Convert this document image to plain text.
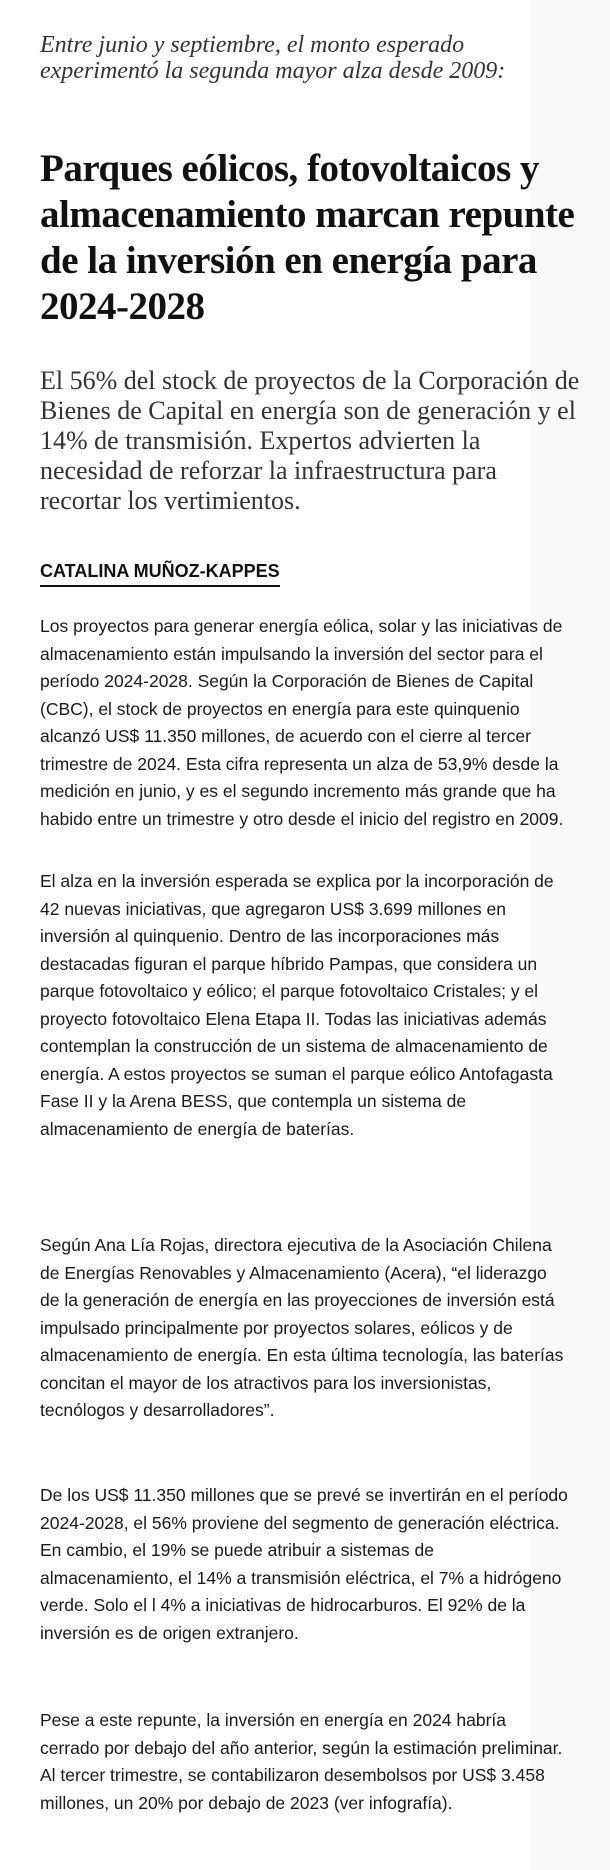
Entre junio y septiembre, el monto esperado experimentó la segunda mayor alza desde 2009:

Parques eólicos, fotovoltaicos y almacenamiento marcan repunte de la inversión en energía para 2024-2028

El 56% del stock de proyectos de la Corporación de Bienes de Capital en energía son de generación y el 14% de transmisión. Expertos advierten la necesidad de reforzar la infraestructura para recortar los vertimientos.

CATALINA MUÑOZ-KAPPES

Los proyectos para generar energía eólica, solar y las iniciativas de almacenamiento están impulsando la inversión del sector para el período 2024-2028. Según la Corporación de Bienes de Capital (CBC), el stock de proyectos en energía para este quinquenio alcanzó US$ 11.350 millones, de acuerdo con el cierre al tercer trimestre de 2024. Esta cifra representa un alza de 53,9% desde la medición en junio, y es el segundo incremento más grande que ha habido entre un trimestre y otro desde el inicio del registro en 2009.

El alza en la inversión esperada se explica por la incorporación de 42 nuevas iniciativas, que agregaron US$ 3.699 millones en inversión al quinquenio. Dentro de las incorporaciones más destacadas figuran el parque híbrido Pampas, que considera un parque fotovoltaico y eólico; el parque fotovoltaico Cristales; y el proyecto fotovoltaico Elena Etapa II. Todas las iniciativas además contemplan la construcción de un sistema de almacenamiento de energía. A estos proyectos se suman el parque eólico Antofagasta Fase II y la Arena BESS, que contempla un sistema de almacenamiento de energía de baterías.

Según Ana Lía Rojas, directora ejecutiva de la Asociación Chilena de Energías Renovables y Almacenamiento (Acera), “el liderazgo de la generación de energía en las proyecciones de inversión está impulsado principalmente por proyectos solares, eólicos y de almacenamiento de energía. En esta última tecnología, las baterías concitan el mayor de los atractivos para los inversionistas, tecnólogos y desarrolladores”.

De los US$ 11.350 millones que se prevé se invertirán en el período 2024-2028, el 56% proviene del segmento de generación eléctrica. En cambio, el 19% se puede atribuir a sistemas de almacenamiento, el 14% a transmisión eléctrica, el 7% a hidrógeno verde. Solo el l 4% a iniciativas de hidrocarburos. El 92% de la inversión es de origen extranjero.

Pese a este repunte, la inversión en energía en 2024 habría cerrado por debajo del año anterior, según la estimación preliminar. Al tercer trimestre, se contabilizaron desembolsos por US$ 3.458 millones, un 20% por debajo de 2023 (ver infografía).
